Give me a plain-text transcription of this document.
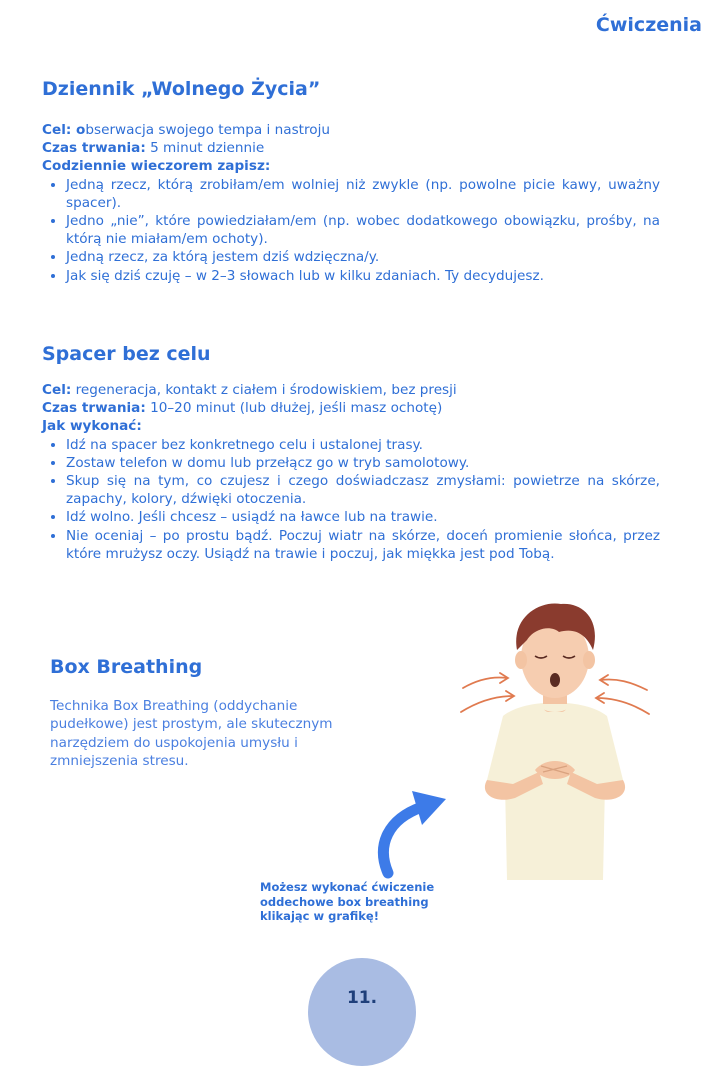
Ćwiczenia
Dziennik „Wolnego Życia”

Cel: obserwacja swojego tempa i nastroju

Czas trwania: 5 minut dziennie

Codziennie wieczorem zapisz:

• Jedną rzecz, którą zrobiłam/em wolniej niż zwykle (np. powolne picie kawy, uważny spacer).
• Jedno „nie”, które powiedziałam/em (np. wobec dodatkowego obowiązku, prośby, na którą nie miałam/em ochoty).
• Jedną rzecz, za którą jestem dziś wdzięczna/y.
• Jak się dziś czuję – w 2–3 słowach lub w kilku zdaniach. Ty decydujesz.
Spacer bez celu

Cel: regeneracja, kontakt z ciałem i środowiskiem, bez presji

Czas trwania: 10–20 minut (lub dłużej, jeśli masz ochotę)

Jak wykonać:

• Idź na spacer bez konkretnego celu i ustalonej trasy.
• Zostaw telefon w domu lub przełącz go w tryb samolotowy.
• Skup się na tym, co czujesz i czego doświadczasz zmysłami: powietrze na skórze, zapachy, kolory, dźwięki otoczenia.
• Idź wolno. Jeśli chcesz – usiądź na ławce lub na trawie.
• Nie oceniaj – po prostu bądź. Poczuj wiatr na skórze, doceń promienie słońca, przez które mrużysz oczy. Usiądź na trawie i poczuj, jak miękka jest pod Tobą.
Box Breathing
Technika Box Breathing (oddychanie pudełkowe) jest prostym, ale skutecznym narzędziem do uspokojenia umysłu i zmniejszenia stresu.
Możesz wykonać ćwiczenie oddechowe box breathing klikając w grafikę!
11.
